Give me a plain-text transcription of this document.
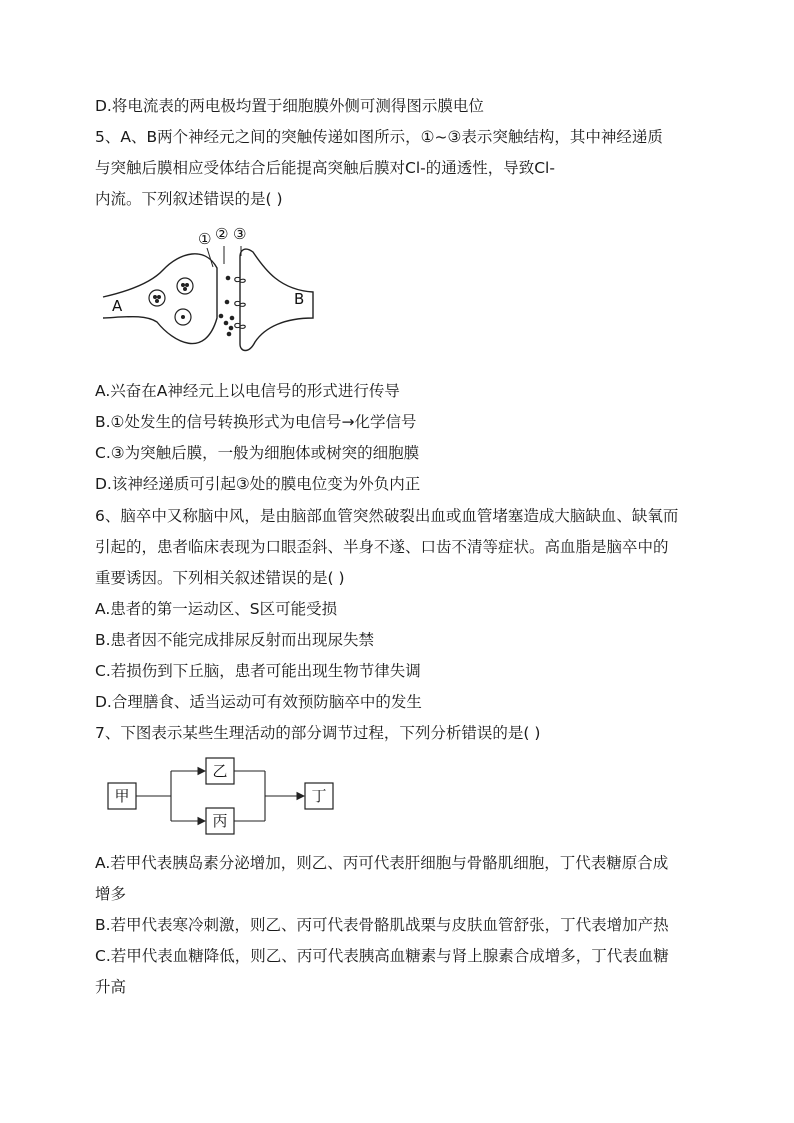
D.将电流表的两电极均置于细胞膜外侧可测得图示膜电位

5、A、B两个神经元之间的突触传递如图所示，①~③表示突触结构，其中神经递质

与突触后膜相应受体结合后能提高突触后膜对Cl-的通透性，导致Cl-

内流。下列叙述错误的是( )

① ② ③
A	B

A.兴奋在A神经元上以电信号的形式进行传导

B.①处发生的信号转换形式为电信号→化学信号

C.③为突触后膜，一般为细胞体或树突的细胞膜

D.该神经递质可引起③处的膜电位变为外负内正

6、脑卒中又称脑中风，是由脑部血管突然破裂出血或血管堵塞造成大脑缺血、缺氧而

引起的，患者临床表现为口眼歪斜、半身不遂、口齿不清等症状。高血脂是脑卒中的

重要诱因。下列相关叙述错误的是( )

A.患者的第一运动区、S区可能受损

B.患者因不能完成排尿反射而出现尿失禁

C.若损伤到下丘脑，患者可能出现生物节律失调

D.合理膳食、适当运动可有效预防脑卒中的发生

7、下图表示某些生理活动的部分调节过程，下列分析错误的是( )

甲
乙
丙
丁

A.若甲代表胰岛素分泌增加，则乙、丙可代表肝细胞与骨骼肌细胞，丁代表糖原合成

增多

B.若甲代表寒冷刺激，则乙、丙可代表骨骼肌战栗与皮肤血管舒张，丁代表增加产热

C.若甲代表血糖降低，则乙、丙可代表胰高血糖素与肾上腺素合成增多，丁代表血糖

升高
